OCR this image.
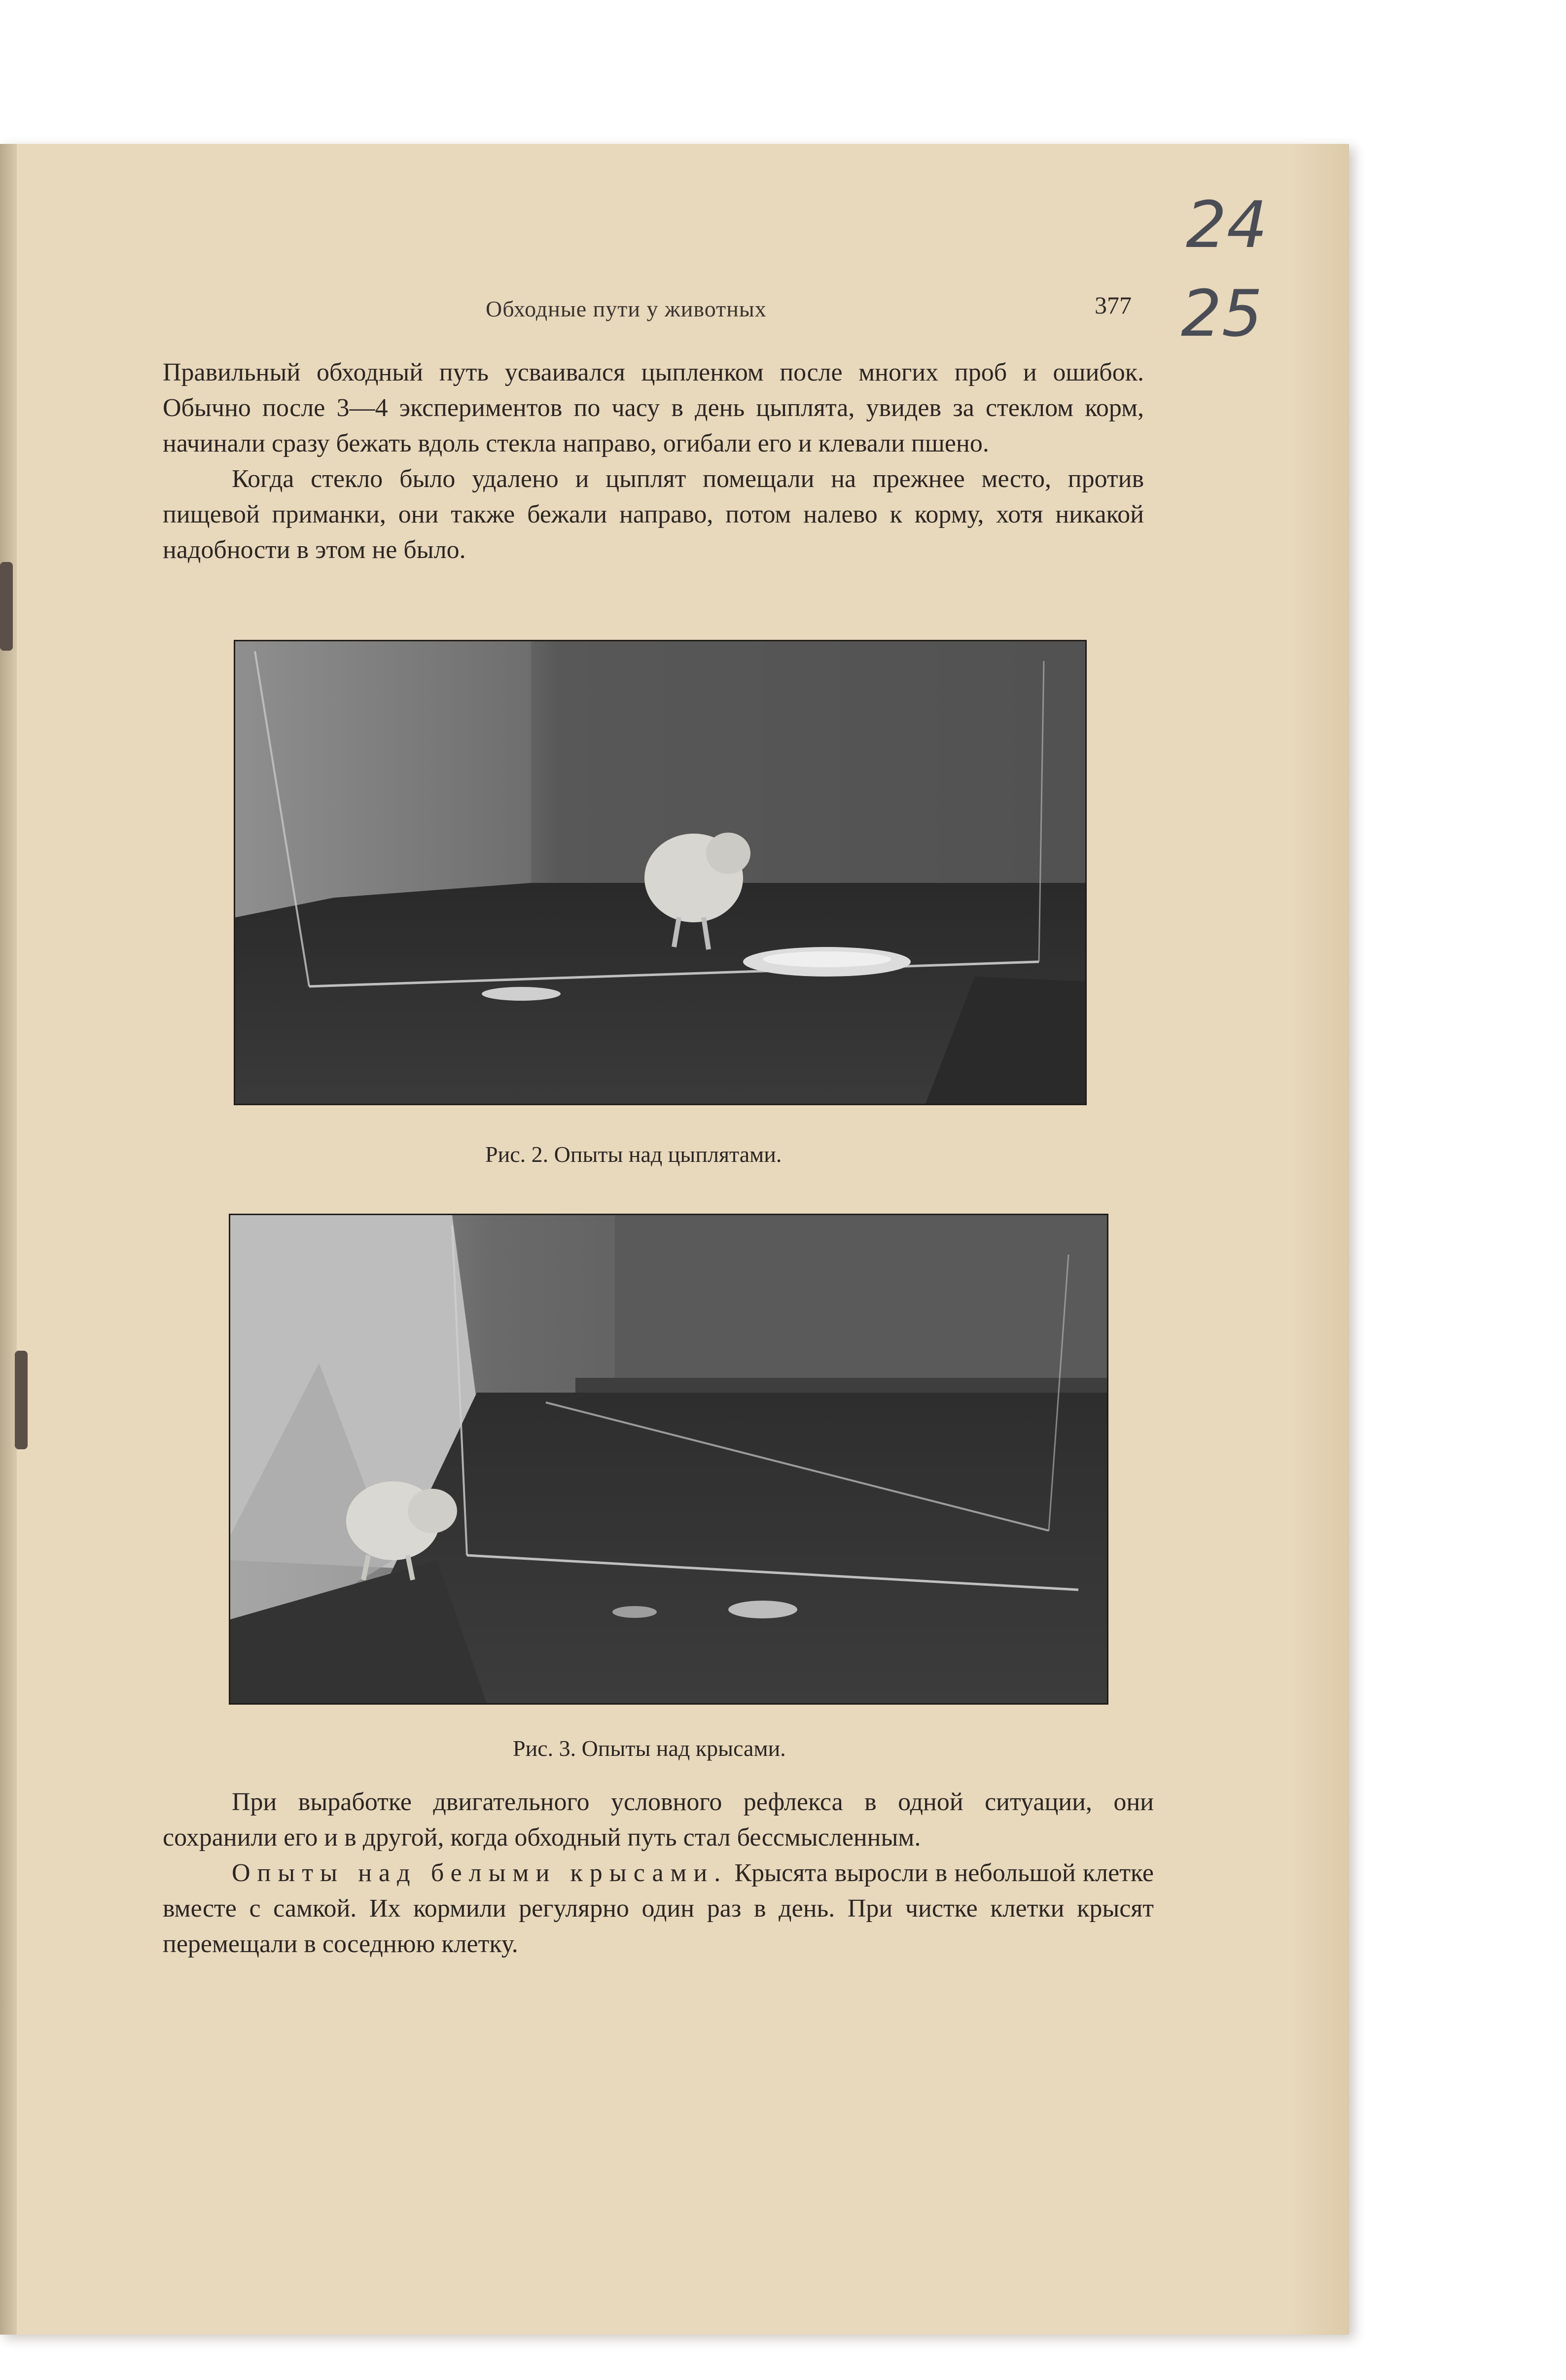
Обходные пути у животных	377
24
25

Правильный обходный путь усваивался цыпленком после многих проб и ошибок. Обычно после 3—4 экспериментов по часу в день цыплята, увидев за стеклом корм, начинали сразу бежать вдоль стекла направо, огибали его и клевали пшено.

Когда стекло было удалено и цыплят помещали на прежнее место, против пищевой приманки, они также бежали направо, потом налево к корму, хотя никакой надобности в этом не было.

Рис. 2. Опыты над цыплятами.
Рис. 3. Опыты над крысами.

При выработке двигательного условного рефлекса в одной ситуации, они сохранили его и в другой, когда обходный путь стал бессмысленным.

Опыты над белыми крысами. Крысята выросли в небольшой клетке вместе с самкой. Их кормили регулярно один раз в день. При чистке клетки крысят перемещали в соседнюю клетку.
